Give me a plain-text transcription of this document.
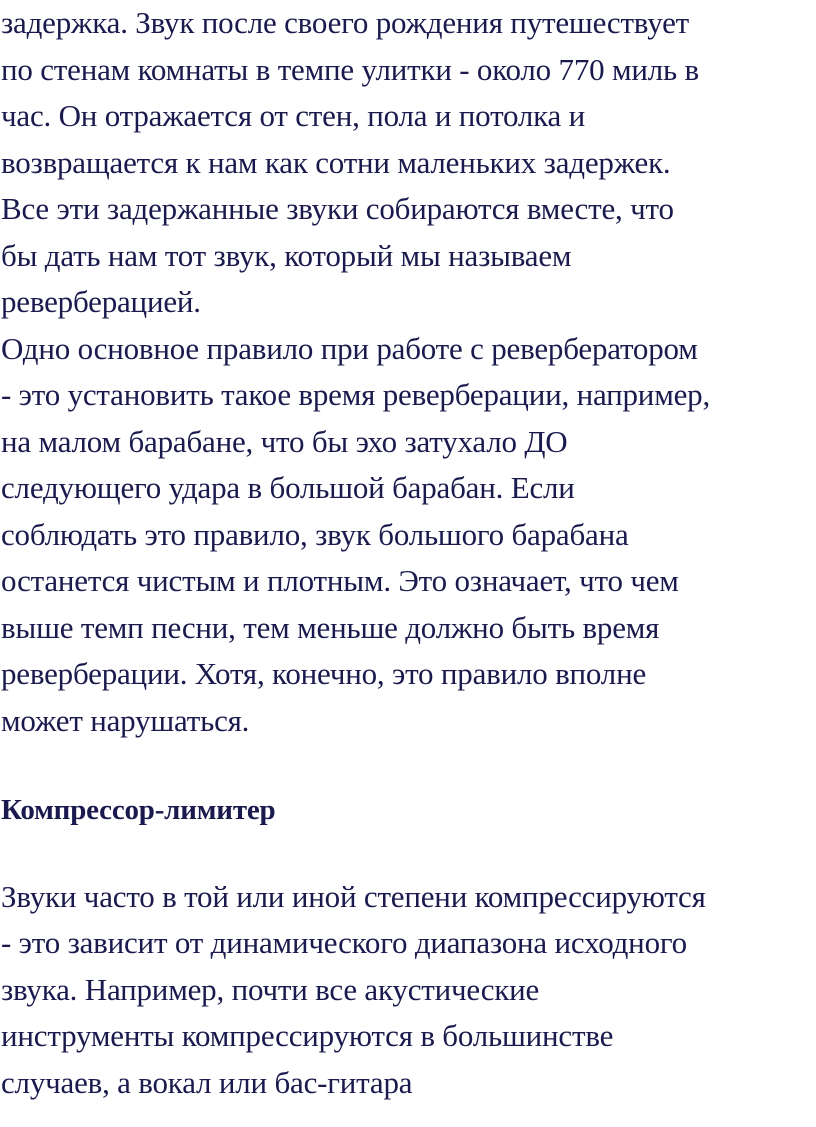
задержка. Звук после своего рождения путешествует
по стенам комнаты в темпе улитки - около 770 миль в
час. Он отражается от стен, пола и потолка и
возвращается к нам как сотни маленьких задержек.
Все эти задержанные звуки собираются вместе, что
бы дать нам тот звук, который мы называем
реверберацией.
Одно основное правило при работе с ревербератором
- это установить такое время реверберации, например,
на малом барабане, что бы эхо затухало ДО
следующего удара в большой барабан. Если
соблюдать это правило, звук большого барабана
останется чистым и плотным. Это означает, что чем
выше темп песни, тем меньше должно быть время
реверберации. Хотя, конечно, это правило вполне
может нарушаться.
Компрессор-лимитер
Звуки часто в той или иной степени компрессируются
- это зависит от динамического диапазона исходного
звука. Например, почти все акустические
инструменты компрессируются в большинстве
случаев, а вокал или бас-гитара
